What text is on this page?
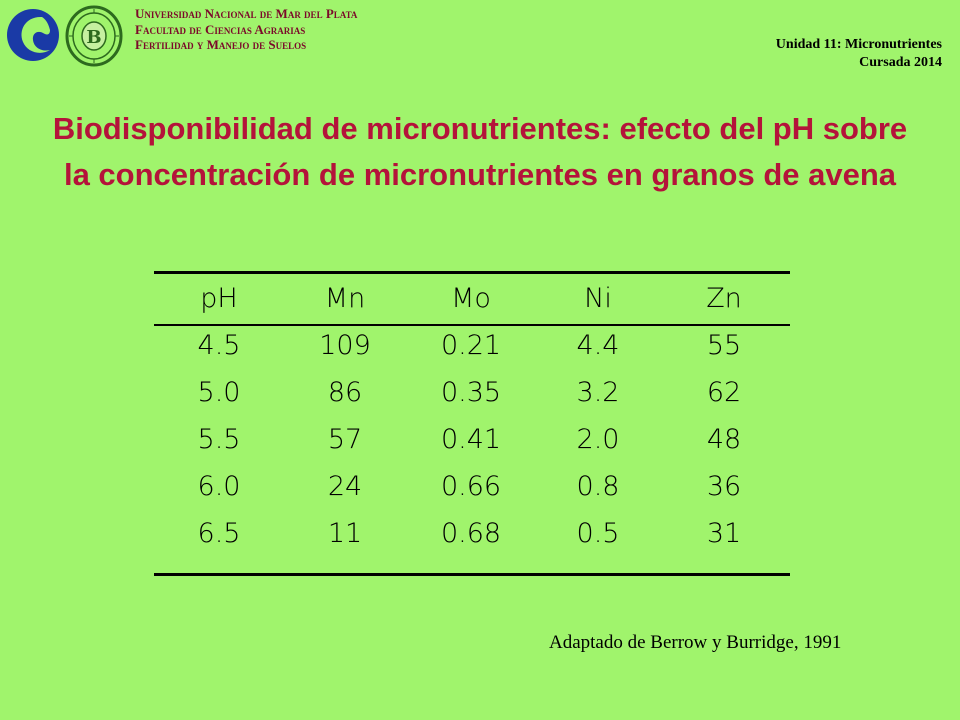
B
Universidad Nacional de Mar del Plata
Facultad de Ciencias Agrarias
Fertilidad y Manejo de Suelos	Unidad 11: Micronutrientes
Cursada 2014
Biodisponibilidad de micronutrientes: efecto del pH sobre la concentración de micronutrientes en granos de avena
pH	Mn	Mo	Ni	Zn
4.5	109	0.21	4.4	55
5.0	86	0.35	3.2	62
5.5	57	0.41	2.0	48
6.0	24	0.66	0.8	36
6.5	11	0.68	0.5	31
Adaptado de Berrow y Burridge, 1991
